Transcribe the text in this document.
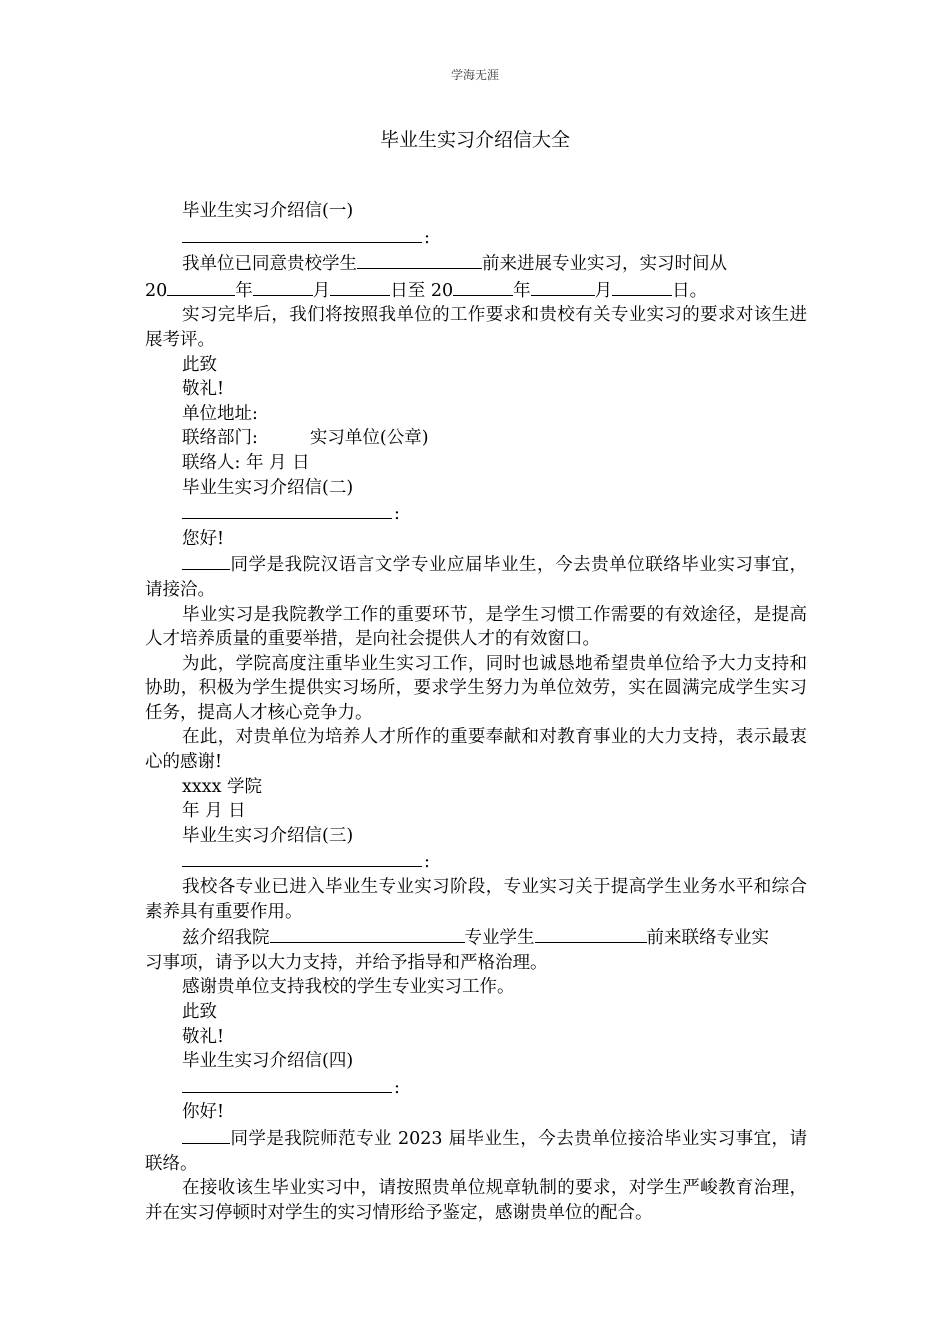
学海无涯
毕业生实习介绍信大全

毕业生实习介绍信(一)

:

我单位已同意贵校学生	前来进展专业实习，实习时间从

20	年	月	日至 20	年	月	日。

实习完毕后，我们将按照我单位的工作要求和贵校有关专业实习的要求对该生进展考评。

此致

敬礼!

单位地址:

联络部门:	实习单位(公章)

联络人: 年 月 日

毕业生实习介绍信(二)

:

您好!

同学是我院汉语言文学专业应届毕业生，今去贵单位联络毕业实习事宜，请接洽。

毕业实习是我院教学工作的重要环节，是学生习惯工作需要的有效途径，是提高人才培养质量的重要举措，是向社会提供人才的有效窗口。

为此，学院高度注重毕业生实习工作，同时也诚恳地希望贵单位给予大力支持和协助，积极为学生提供实习场所，要求学生努力为单位效劳，实在圆满完成学生实习任务，提高人才核心竞争力。

在此，对贵单位为培养人才所作的重要奉献和对教育事业的大力支持，表示最衷心的感谢!

xxxx 学院

年 月 日

毕业生实习介绍信(三)

:

我校各专业已进入毕业生专业实习阶段，专业实习关于提高学生业务水平和综合素养具有重要作用。

兹介绍我院	专业学生	前来联络专业实

习事项，请予以大力支持，并给予指导和严格治理。

感谢贵单位支持我校的学生专业实习工作。

此致

敬礼!

毕业生实习介绍信(四)

:

你好!

同学是我院师范专业 2023 届毕业生，今去贵单位接洽毕业实习事宜，请联络。

在接收该生毕业实习中，请按照贵单位规章轨制的要求，对学生严峻教育治理，并在实习停顿时对学生的实习情形给予鉴定，感谢贵单位的配合。
